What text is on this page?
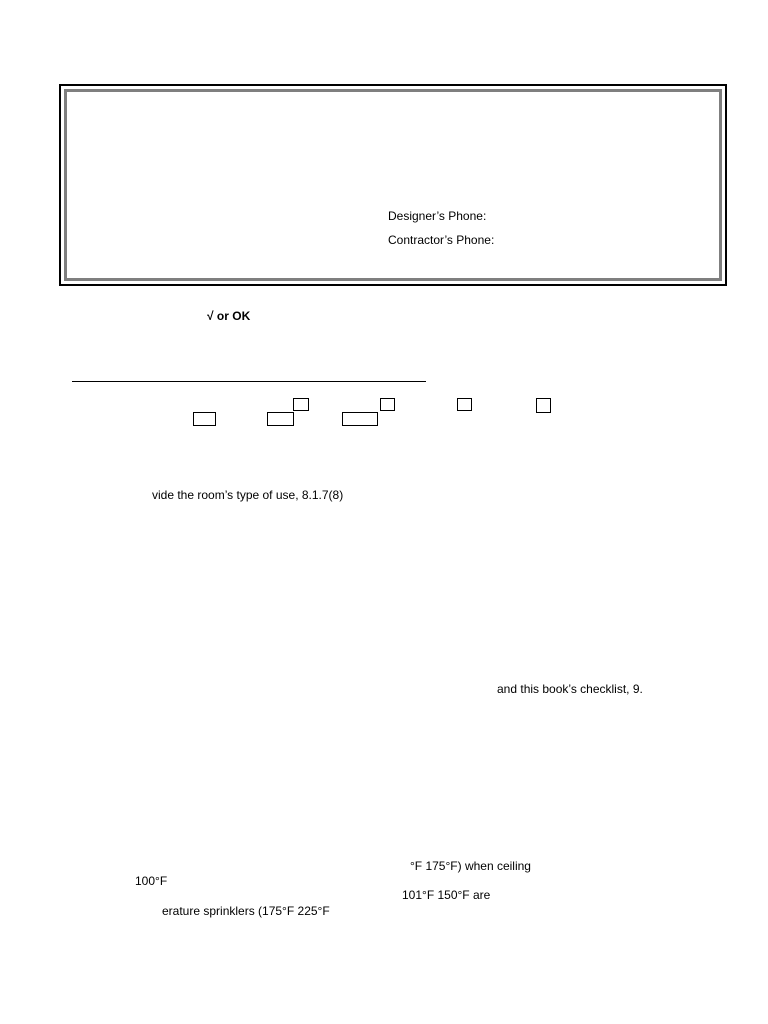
Designer’s Phone:
Contractor’s Phone:
√ or OK
vide the room’s type of use, 8.1.7(8)
and this book’s checklist, 9.
°F 175°F) when ceiling
100°F
101°F 150°F are
erature sprinklers (175°F 225°F
